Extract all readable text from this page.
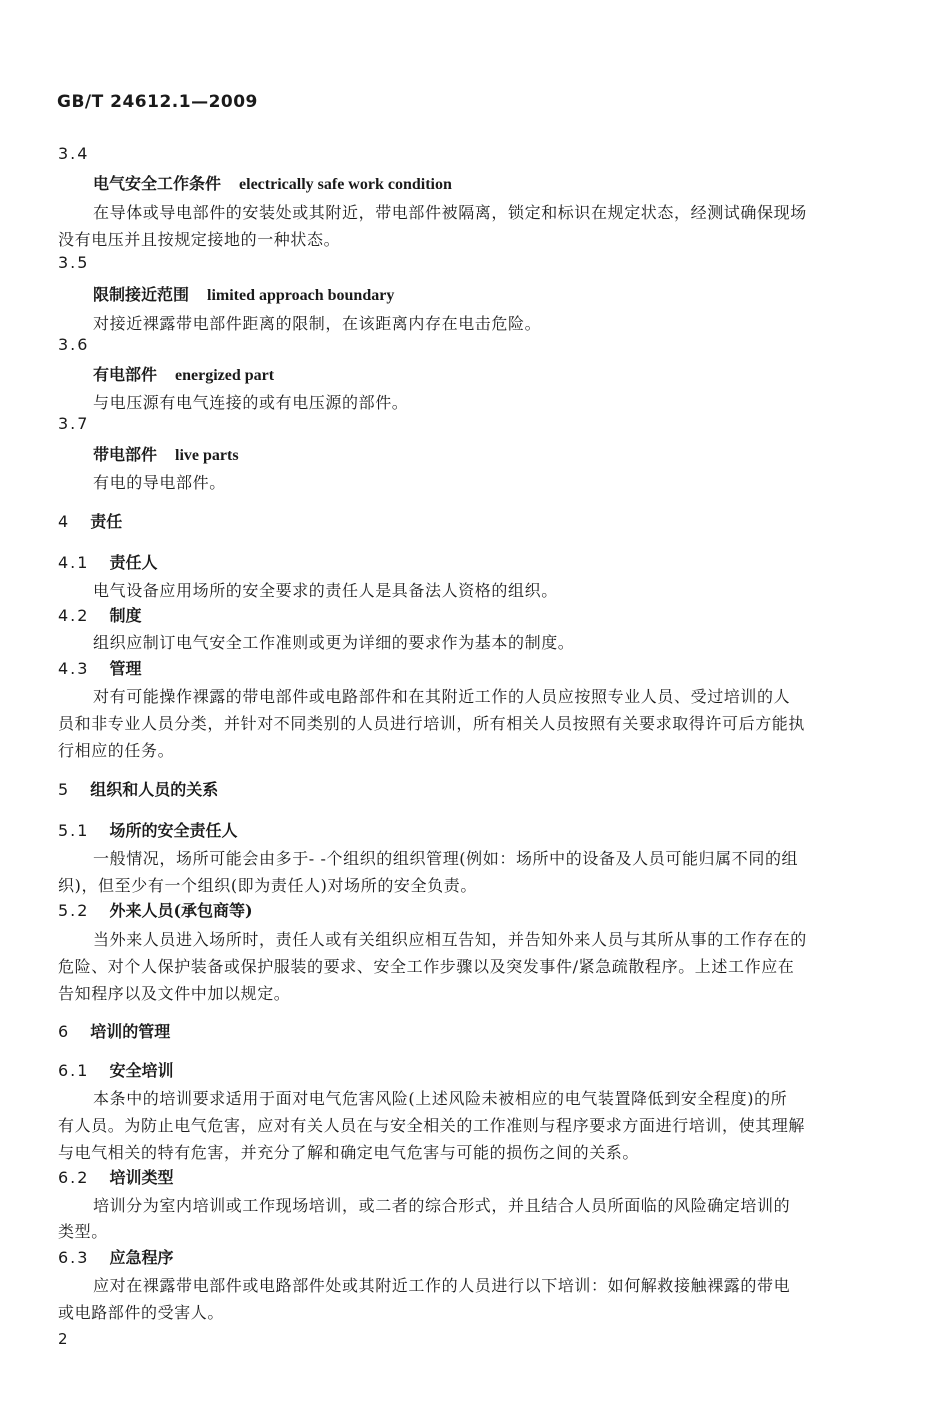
GB/T 24612.1—2009
3.4
电气安全工作条件 electrically safe work condition
在导体或导电部件的安装处或其附近，带电部件被隔离，锁定和标识在规定状态，经测试确保现场
没有电压并且按规定接地的一种状态。
3.5
限制接近范围 limited approach boundary
对接近裸露带电部件距离的限制，在该距离内存在电击危险。
3.6
有电部件 energized part
与电压源有电气连接的或有电压源的部件。
3.7
带电部件 live parts
有电的导电部件。
4 责任
4.1 责任人
电气设备应用场所的安全要求的责任人是具备法人资格的组织。
4.2 制度
组织应制订电气安全工作准则或更为详细的要求作为基本的制度。
4.3 管理
对有可能操作裸露的带电部件或电路部件和在其附近工作的人员应按照专业人员、受过培训的人
员和非专业人员分类，并针对不同类别的人员进行培训，所有相关人员按照有关要求取得许可后方能执
行相应的任务。
5 组织和人员的关系
5.1 场所的安全责任人
一般情况，场所可能会由多于- -个组织的组织管理(例如：场所中的设备及人员可能归属不同的组
织)，但至少有一个组织(即为责任人)对场所的安全负责。
5.2 外来人员(承包商等)
当外来人员进入场所时，责任人或有关组织应相互告知，并告知外来人员与其所从事的工作存在的
危险、对个人保护装备或保护服装的要求、安全工作步骤以及突发事件/紧急疏散程序。上述工作应在
告知程序以及文件中加以规定。
6 培训的管理
6.1 安全培训
本条中的培训要求适用于面对电气危害风险(上述风险未被相应的电气装置降低到安全程度)的所
有人员。为防止电气危害，应对有关人员在与安全相关的工作准则与程序要求方面进行培训，使其理解
与电气相关的特有危害，并充分了解和确定电气危害与可能的损伤之间的关系。
6.2 培训类型
培训分为室内培训或工作现场培训，或二者的综合形式，并且结合人员所面临的风险确定培训的
类型。
6.3 应急程序
应对在裸露带电部件或电路部件处或其附近工作的人员进行以下培训：如何解救接触裸露的带电
或电路部件的受害人。
2
